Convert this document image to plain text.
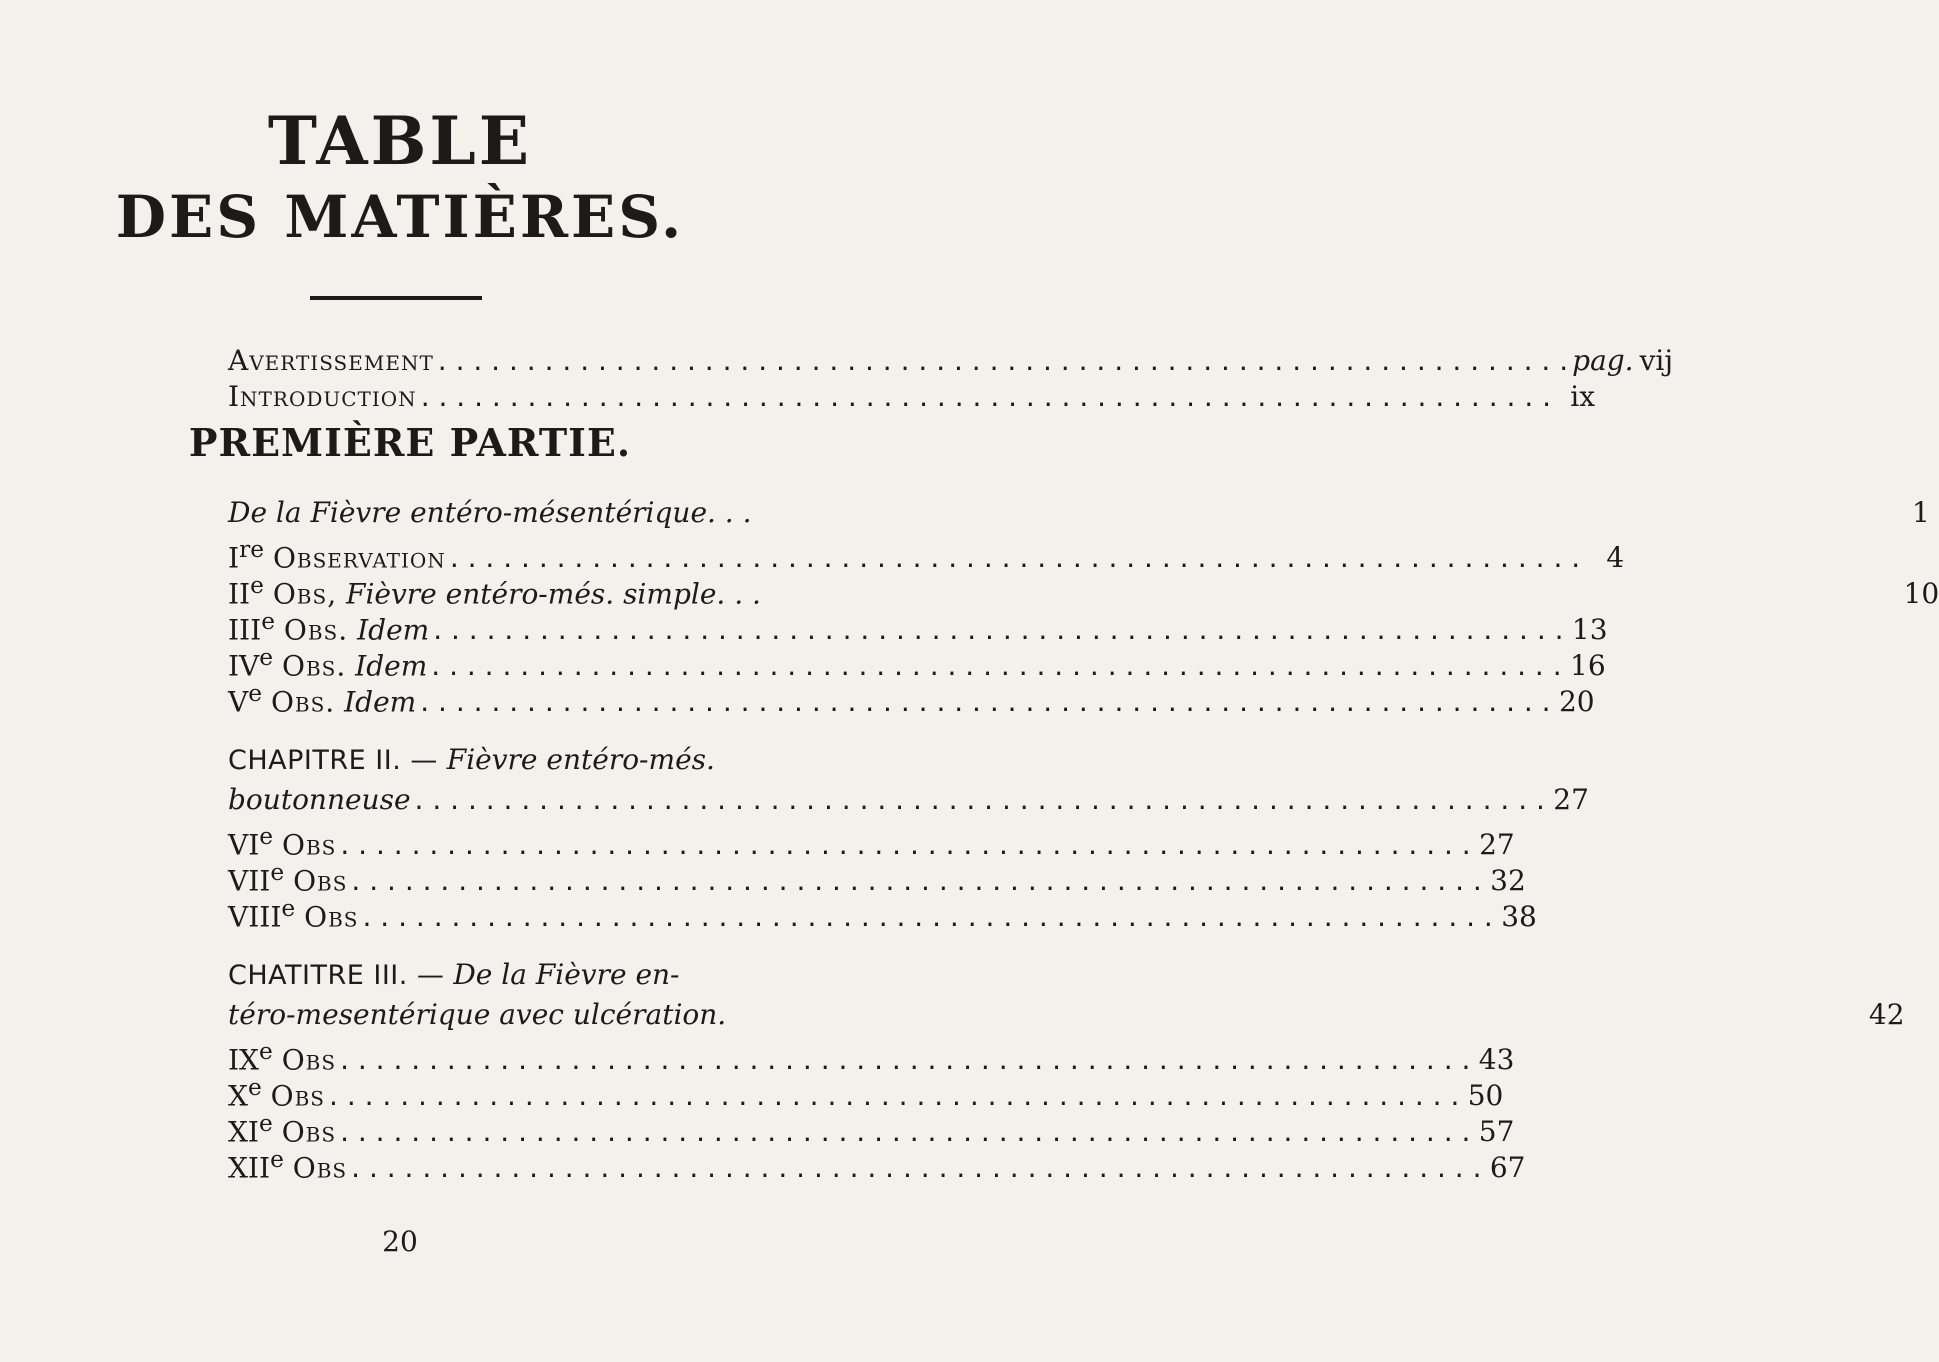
TABLE
DES MATIÈRES.
Avertissement . . .	pag. vij
Introduction . . .	ix
PREMIÈRE PARTIE.
De la Fièvre entéro-mésentérique. . .	1
Ire Observation . . .	4
IIe Obs, Fièvre entéro-més. simple. . .	10
IIIe Obs. Idem . . .	13
IVe Obs. Idem . . .	16
Ve Obs. Idem . . .	20
CHAPITRE II. — Fièvre entéro-més.
boutonneuse . . .	27
VIe Obs . . .	27
VIIe Obs . . .	32
VIIIe Obs . . .	38
CHATITRE III. — De la Fièvre en-
téro-mesentérique avec ulcération.	42
IXe Obs . . .	43
Xe Obs . . .	50
XIe Obs . . .	57
XIIe Obs . . .	67
20
